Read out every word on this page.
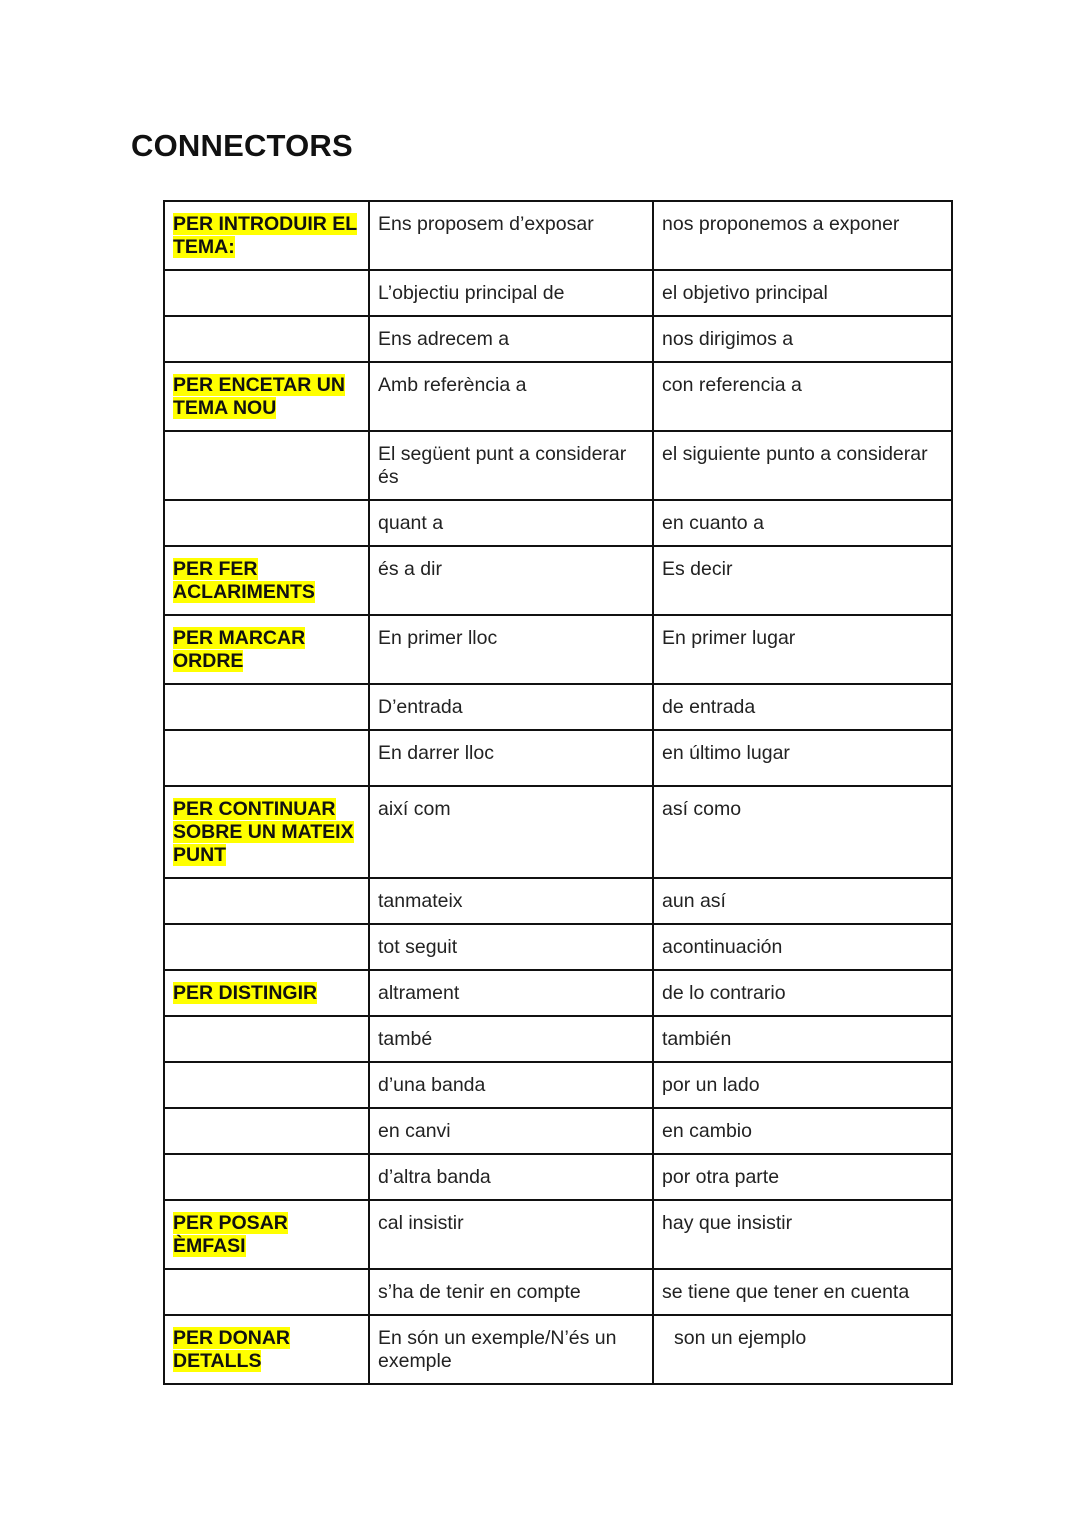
CONNECTORS
PER INTRODUIR EL TEMA:	Ens proposem d’exposar	nos proponemos a exponer
	L’objectiu principal de	el objetivo principal
	Ens adrecem a	nos dirigimos a
PER ENCETAR UN TEMA NOU	Amb referència a	con referencia a
	El següent punt a considerar és	el siguiente punto a considerar
	quant a	en cuanto a
PER FER ACLARIMENTS	és a dir	Es decir
PER MARCAR ORDRE	En primer lloc	En primer lugar
	D’entrada	de entrada
	En darrer lloc	en último lugar
PER CONTINUAR SOBRE UN MATEIX PUNT	així com	así como
	tanmateix	aun así
	tot seguit	acontinuación
PER DISTINGIR	altrament	de lo contrario
	també	también
	d’una banda	por un lado
	en canvi	en cambio
	d’altra banda	por otra parte
PER POSAR ÈMFASI	cal insistir	hay que insistir
	s’ha de tenir en compte	se tiene que tener en cuenta
PER DONAR DETALLS	En són un exemple/N’és un exemple	son un ejemplo
